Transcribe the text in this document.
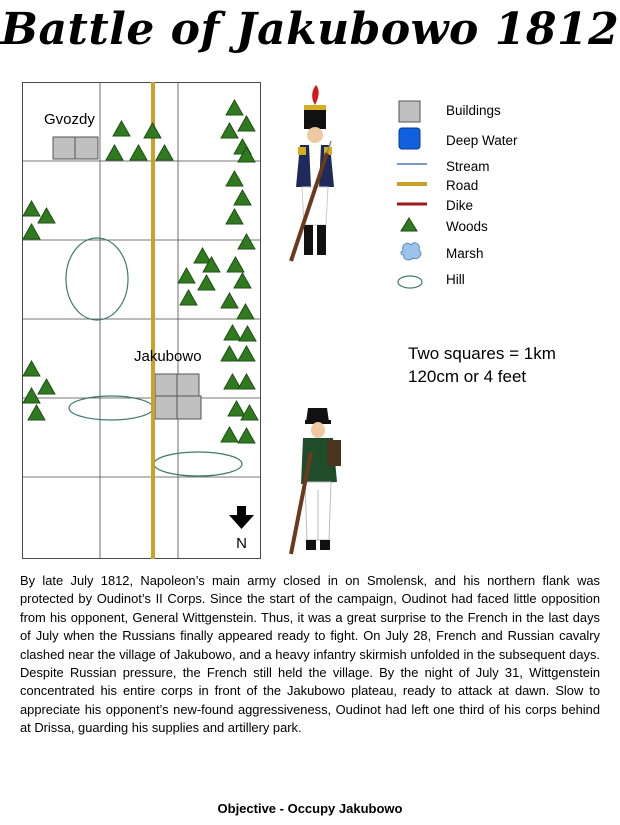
Battle of Jakubowo 1812
N
Gvozdy
Jakubowo
Buildings
Deep Water
Stream
Road
Dike
Woods
Marsh
Hill
Two squares = 1km
120cm or 4 feet
By late July 1812, Napoleon’s main army closed in on Smolensk, and his northern flank was protected by Oudinot’s II Corps. Since the start of the campaign, Oudinot had faced little opposition from his opponent, General Wittgenstein. Thus, it was a great surprise to the French in the last days of July when the Russians finally appeared ready to fight. On July 28, French and Russian cavalry clashed near the village of Jakubowo, and a heavy infantry skirmish unfolded in the subsequent days. Despite Russian pressure, the French still held the village. By the night of July 31, Wittgenstein concentrated his entire corps in front of the Jakubowo plateau, ready to attack at dawn. Slow to appreciate his opponent’s new-found aggressiveness, Oudinot had left one third of his corps behind at Drissa, guarding his supplies and artillery park.
Objective - Occupy Jakubowo
